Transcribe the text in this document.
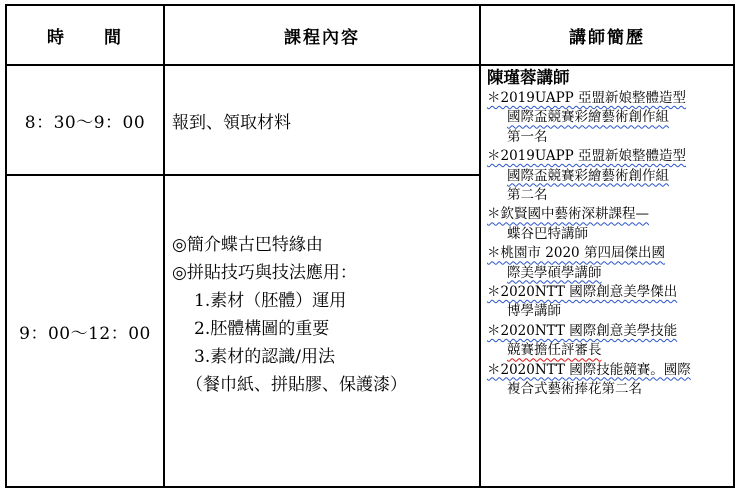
時　　間	課程內容	講師簡歷
8：30～9：00 報到、領取材料
9：00～12：00
◎簡介蝶古巴特緣由
◎拼貼技巧與技法應用：
1.素材（胚體）運用
2.胚體構圖的重要
3.素材的認識/用法
（餐巾紙、拼貼膠、保護漆）
陳瑾蓉講師
＊2019UAPP 亞盟新娘整體造型
國際盃競賽彩繪藝術創作組
第一名
＊2019UAPP 亞盟新娘整體造型
國際盃競賽彩繪藝術創作組
第二名
＊欽賢國中藝術深耕課程—
蝶谷巴特講師
＊桃園市 2020 第四屆傑出國
際美學碩學講師
＊2020NTT 國際創意美學傑出
博學講師
＊2020NTT 國際創意美學技能
競賽擔任評審長
＊2020NTT 國際技能競賽。國際
複合式藝術捧花第二名
